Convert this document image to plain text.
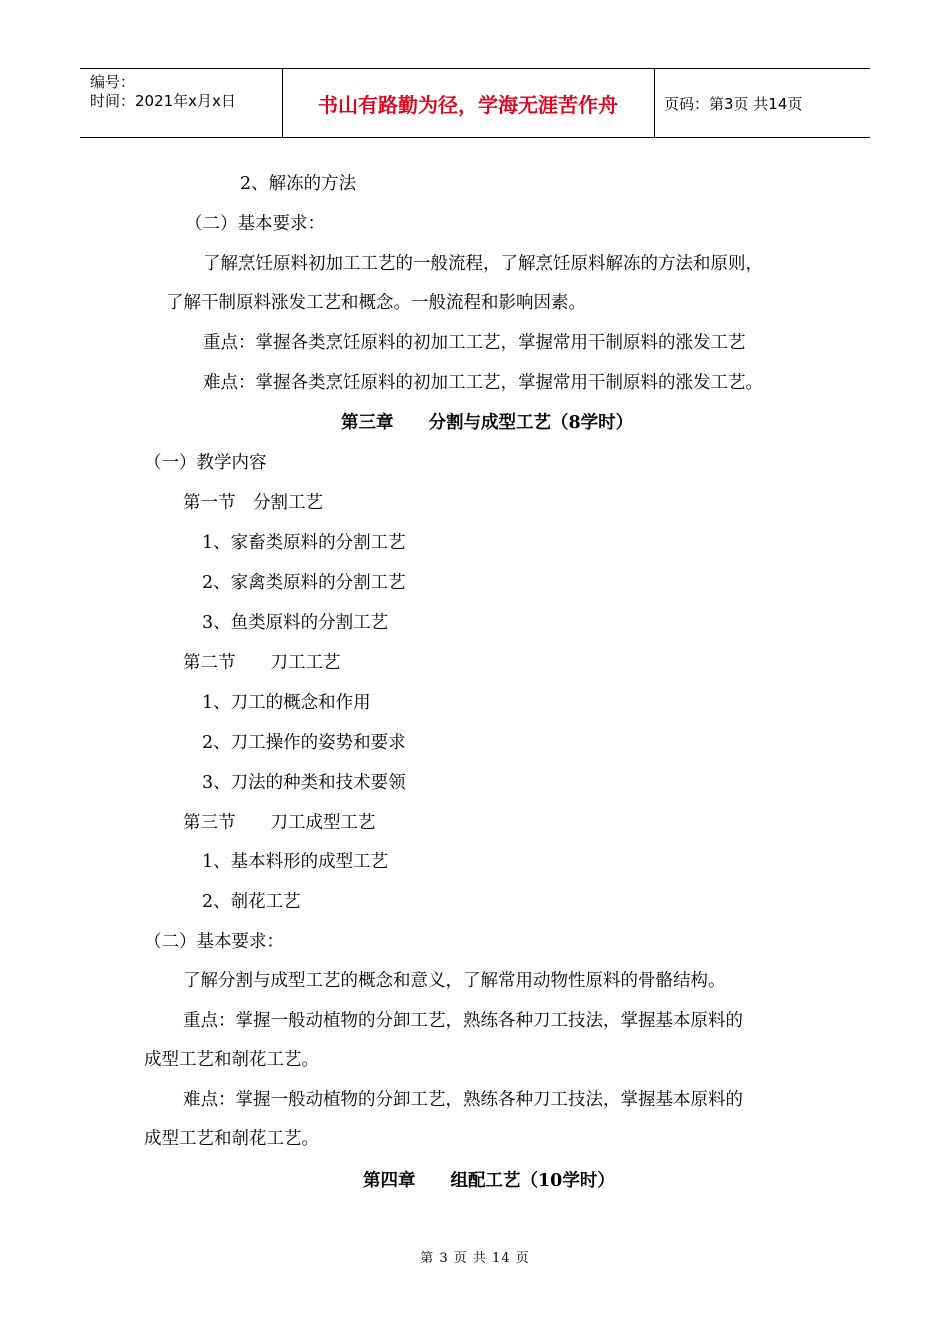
编号：
时间：2021年x月x日	书山有路勤为径，学海无涯苦作舟	页码：第3页 共14页
2、解冻的方法
（二）基本要求：
了解烹饪原料初加工工艺的一般流程，了解烹饪原料解冻的方法和原则，
了解干制原料涨发工艺和概念。一般流程和影响因素。
重点：掌握各类烹饪原料的初加工工艺，掌握常用干制原料的涨发工艺
难点：掌握各类烹饪原料的初加工工艺，掌握常用干制原料的涨发工艺。
第三章　　分割与成型工艺（8学时）
（一）教学内容
第一节　分割工艺
1、家畜类原料的分割工艺
2、家禽类原料的分割工艺
3、鱼类原料的分割工艺
第二节　　刀工工艺
1、刀工的概念和作用
2、刀工操作的姿势和要求
3、刀法的种类和技术要领
第三节　　刀工成型工艺
1、基本料形的成型工艺
2、剞花工艺
（二）基本要求：
了解分割与成型工艺的概念和意义，了解常用动物性原料的骨骼结构。
重点：掌握一般动植物的分卸工艺，熟练各种刀工技法，掌握基本原料的
成型工艺和剞花工艺。
难点：掌握一般动植物的分卸工艺，熟练各种刀工技法，掌握基本原料的
成型工艺和剞花工艺。
第四章　　组配工艺（10学时）
第 3 页 共 14 页
